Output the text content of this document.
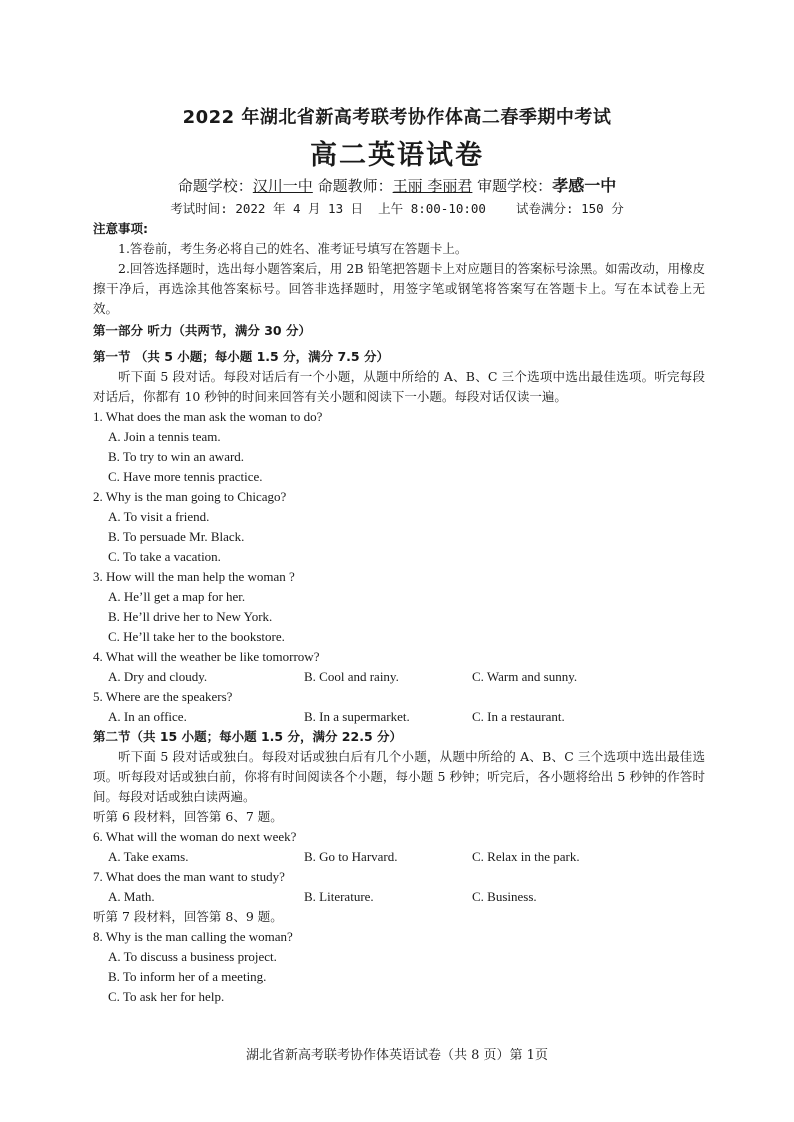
2022 年湖北省新高考联考协作体高二春季期中考试
高二英语试卷
命题学校：汉川一中 命题教师：王丽 李丽君 审题学校：孝感一中
考试时间: 2022 年 4 月 13 日  上午 8:00-10:00    试卷满分: 150 分
注意事项:
1.答卷前，考生务必将自己的姓名、准考证号填写在答题卡上。
2.回答选择题时，选出每小题答案后，用 2B 铅笔把答题卡上对应题目的答案标号涂黑。如需改动，用橡皮擦干净后，再选涂其他答案标号。回答非选择题时，用签字笔或钢笔将答案写在答题卡上。写在本试卷上无效。
第一部分 听力（共两节，满分 30 分）
第一节 （共 5 小题；每小题 1.5 分，满分 7.5 分）
听下面 5 段对话。每段对话后有一个小题，从题中所给的 A、B、C 三个选项中选出最佳选项。听完每段对话后，你都有 10 秒钟的时间来回答有关小题和阅读下一小题。每段对话仅读一遍。
1. What does the man ask the woman to do?
A. Join a tennis team.
B. To try to win an award.
C. Have more tennis practice.
2. Why is the man going to Chicago?
A. To visit a friend.
B. To persuade Mr. Black.
C. To take a vacation.
3. How will the man help the woman ?
A. He’ll get a map for her.
B. He’ll drive her to New York.
C. He’ll take her to the bookstore.
4. What will the weather be like tomorrow?
A. Dry and cloudy.	B. Cool and rainy.	C. Warm and sunny.
5. Where are the speakers?
A. In an office.	B. In a supermarket.	C. In a restaurant.
第二节（共 15 小题；每小题 1.5 分，满分 22.5 分）
听下面 5 段对话或独白。每段对话或独白后有几个小题，从题中所给的 A、B、C 三个选项中选出最佳选项。听每段对话或独白前，你将有时间阅读各个小题，每小题 5 秒钟；听完后，各小题将给出 5 秒钟的作答时间。每段对话或独白读两遍。
听第 6 段材料，回答第 6、7 题。
6. What will the woman do next week?
A. Take exams.	B. Go to Harvard.	C. Relax in the park.
7. What does the man want to study?
A. Math.	B. Literature.	C. Business.
听第 7 段材料，回答第 8、9 题。
8. Why is the man calling the woman?
A. To discuss a business project.
B. To inform her of a meeting.
C. To ask her for help.
湖北省新高考联考协作体英语试卷（共 8 页）第 1页
